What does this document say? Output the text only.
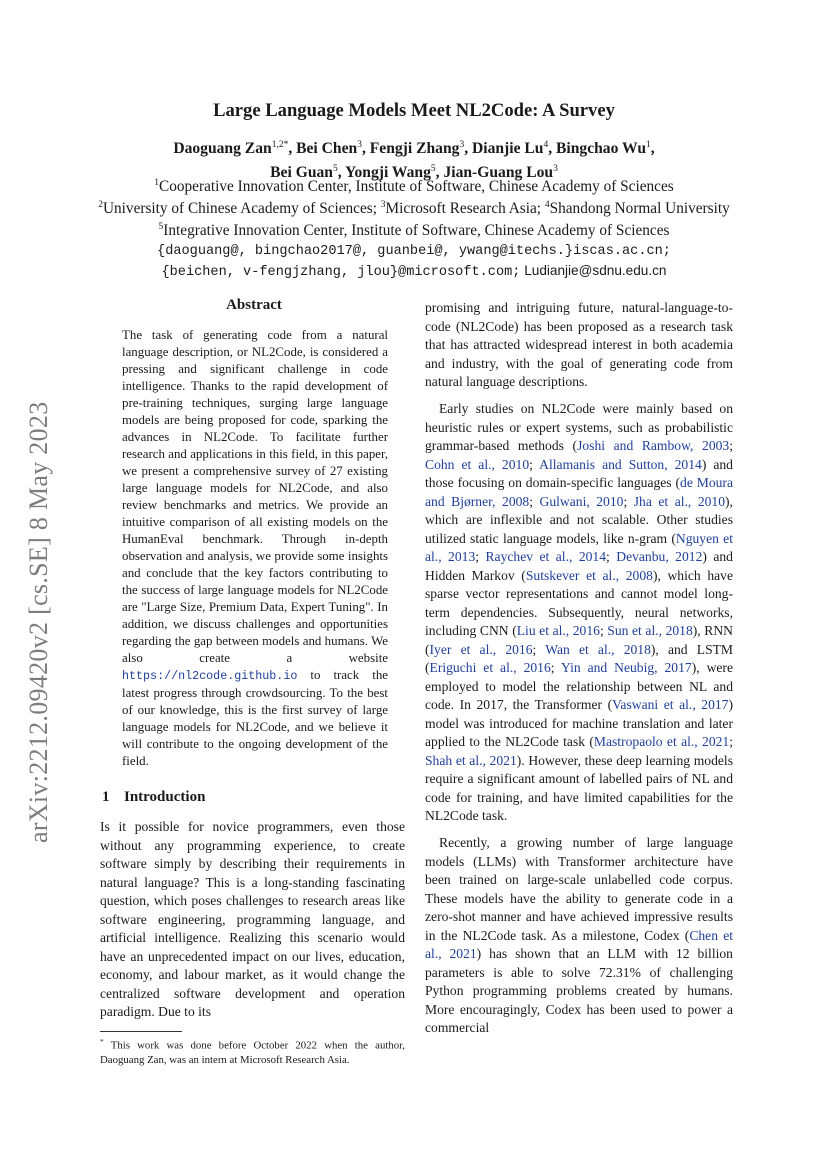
arXiv:2212.09420v2 [cs.SE] 8 May 2023
Large Language Models Meet NL2Code: A Survey
Daoguang Zan$^{1,2*}$, Bei Chen$^3$, Fengji Zhang$^3$, Dianjie Lu$^4$, Bingchao Wu$^1$,
Bei Guan$^5$, Yongji Wang$^5$, Jian-Guang Lou$^3$
$^1$Cooperative Innovation Center, Institute of Software, Chinese Academy of Sciences
$^2$University of Chinese Academy of Sciences; $^3$Microsoft Research Asia; $^4$Shandong Normal University
$^5$Integrative Innovation Center, Institute of Software, Chinese Academy of Sciences
{daoguang@, bingchao2017@, guanbei@, ywang@itechs.}iscas.ac.cn;
{beichen, v-fengjzhang, jlou}@microsoft.com; Ludianjie@sdnu.edu.cn
Abstract
The task of generating code from a natural language description, or NL2Code, is considered a pressing and significant challenge in code intelligence. Thanks to the rapid development of pre-training techniques, surging large language models are being proposed for code, sparking the advances in NL2Code. To facilitate further research and applications in this field, in this paper, we present a comprehensive survey of 27 existing large language models for NL2Code, and also review benchmarks and metrics. We provide an intuitive comparison of all existing models on the HumanEval benchmark. Through in-depth observation and analysis, we provide some insights and conclude that the key factors contributing to the success of large language models for NL2Code are "Large Size, Premium Data, Expert Tuning". In addition, we discuss challenges and opportunities regarding the gap between models and humans. We also create a website https://nl2code.github.io to track the latest progress through crowdsourcing. To the best of our knowledge, this is the first survey of large language models for NL2Code, and we believe it will contribute to the ongoing development of the field.
1 Introduction
Is it possible for novice programmers, even those without any programming experience, to create software simply by describing their requirements in natural language? This is a long-standing fascinating question, which poses challenges to research areas like software engineering, programming language, and artificial intelligence. Realizing this scenario would have an unprecedented impact on our lives, education, economy, and labour market, as it would change the centralized software development and operation paradigm. Due to its
* This work was done before October 2022 when the author, Daoguang Zan, was an intern at Microsoft Research Asia.

promising and intriguing future, natural-language-to-code (NL2Code) has been proposed as a research task that has attracted widespread interest in both academia and industry, with the goal of generating code from natural language descriptions.

Early studies on NL2Code were mainly based on heuristic rules or expert systems, such as probabilistic grammar-based methods (Joshi and Rambow, 2003; Cohn et al., 2010; Allamanis and Sutton, 2014) and those focusing on domain-specific languages (de Moura and Bjørner, 2008; Gulwani, 2010; Jha et al., 2010), which are inflexible and not scalable. Other studies utilized static language models, like n-gram (Nguyen et al., 2013; Raychev et al., 2014; Devanbu, 2012) and Hidden Markov (Sutskever et al., 2008), which have sparse vector representations and cannot model long-term dependencies. Subsequently, neural networks, including CNN (Liu et al., 2016; Sun et al., 2018), RNN (Iyer et al., 2016; Wan et al., 2018), and LSTM (Eriguchi et al., 2016; Yin and Neubig, 2017), were employed to model the relationship between NL and code. In 2017, the Transformer (Vaswani et al., 2017) model was introduced for machine translation and later applied to the NL2Code task (Mastropaolo et al., 2021; Shah et al., 2021). However, these deep learning models require a significant amount of labelled pairs of NL and code for training, and have limited capabilities for the NL2Code task.

Recently, a growing number of large language models (LLMs) with Transformer architecture have been trained on large-scale unlabelled code corpus. These models have the ability to generate code in a zero-shot manner and have achieved impressive results in the NL2Code task. As a milestone, Codex (Chen et al., 2021) has shown that an LLM with 12 billion parameters is able to solve 72.31% of challenging Python programming problems created by humans. More encouragingly, Codex has been used to power a commercial
